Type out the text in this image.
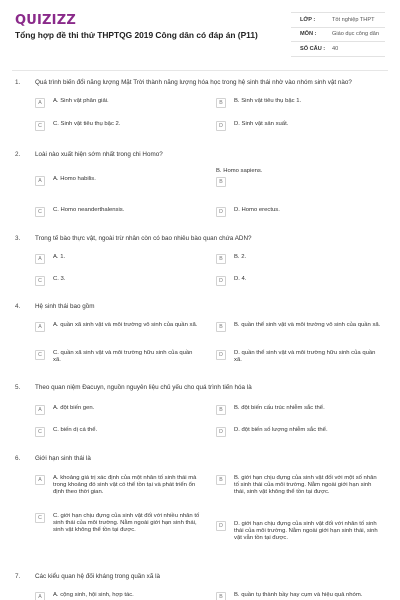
QUIZIZZ
Tổng hợp đề thi thử THPTQG 2019 Công dân có đáp án (P11)
LỚP :	Tốt nghiệp THPT
MÔN :	Giáo dục công dân
SỐ CÂU :	40
1. Quá trình biến đổi năng lượng Mặt Trời thành năng lượng hóa học trong hệ sinh thái nhờ vào nhóm sinh vật nào?
A	A. Sinh vật phân giải.	B	B. Sinh vật tiêu thụ bậc 1.
C	C. Sinh vật tiêu thụ bậc 2.	D	D. Sinh vật sản xuất.
2. Loài nào xuất hiện sớm nhất trong chi Homo?
A	A. Homo habilis.
B. Homo sapiens.
B
C	C. Homo neanderthalensis.	D	D. Homo erectus.
3. Trong tế bào thực vật, ngoài trừ nhân còn có bao nhiêu bào quan chứa ADN?
A	A. 1.	B	B. 2.
C	C. 3.	D	D. 4.
4. Hệ sinh thái bao gồm
A	A. quần xã sinh vật và môi trường vô sinh của quần xã.	B	B. quần thể sinh vật và môi trường vô sinh của quần xã.
C	C. quần xã sinh vật và môi trường hữu sinh của quần xã.
D	D. quần thể sinh vật và môi trường hữu sinh của quần xã.
5. Theo quan niệm Đacuyn, nguồn nguyên liệu chủ yếu cho quá trình tiến hóa là
A	A. đột biến gen.	B	B. đột biến cấu trúc nhiễm sắc thể.
C	C. biến dị cá thể.	D	D. đột biến số lượng nhiễm sắc thể.
6. Giới hạn sinh thái là
A	A. khoảng giá trị xác định của một nhân tố sinh thái mà trong khoảng đó sinh vật có thể tồn tại và phát triển ổn định theo thời gian.
B	B. giới hạn chịu đựng của sinh vật đối với một số nhân tố sinh thái của môi trường. Nằm ngoài giới hạn sinh thái, sinh vật không thể tồn tại được.
C	C. giới hạn chịu đựng của sinh vật đối với nhiều nhân tố sinh thái của môi trường. Nằm ngoài giới hạn sinh thái, sinh vật không thể tồn tại được.
D	D. giới hạn chịu đựng của sinh vật đối với nhân tố sinh thái của môi trường. Nằm ngoài giới hạn sinh thái, sinh vật vẫn tồn tại được.
7. Các kiểu quan hệ đối kháng trong quần xã là
A	A. cộng sinh, hội sinh, hợp tác.	B	B. quần tụ thành bầy hay cụm và hiệu quả nhóm.
